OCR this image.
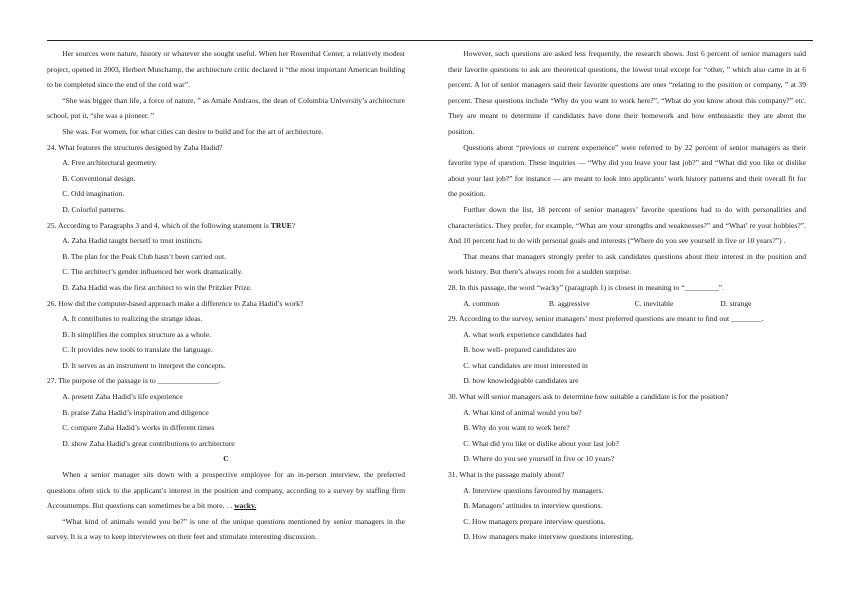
Her sources were nature, history or whatever she sought useful. When her Rosenthal Center, a relatively modest project, opened in 2003, Herbert Muschamp, the architecture critic declared it “the most important American building to be completed since the end of the cold war”.

“She was bigger than life, a force of nature, ” as Amale Andraos, the dean of Columbia University’s architecture school, put it, “she was a pioneer. ”

She was. For women, for what cities can desire to build and for the art of architecture.

24. What features the structures designed by Zaha Hadid?

A. Free architectural geometry.

B. Conventional design.

C. Odd imagination.

D. Colorful patterns.

25. According to Paragraphs 3 and 4, which of the following statement is TRUE?

A. Zaha Hadid taught herself to trust instincts.

B. The plan for the Peak Club hasn’t been carried out.

C. The architect’s gender influenced her work dramatically.

D. Zaha Hadid was the first architect to win the Pritzker Prize.

26. How did the computer-based approach make a difference to Zaha Hadid’s work?

A. It contributes to realizing the strange ideas.

B. It simplifies the complex structure as a whole.

C. It provides new tools to translate the language.

D. It serves as an instrument to interpret the concepts.

27. The purpose of the passage is to ________________.

A. present Zaha Hadid’s life experience

B. praise Zaha Hadid’s inspiration and diligence

C. compare Zaha Hadid’s works in different times

D. show Zaha Hadid’s great contributions to architecture

C

When a senior manager sits down with a prospective employee for an in-person interview, the preferred questions often stick to the applicant’s interest in the position and company, according to a survey by staffing firm Accountemps. But questions can sometimes be a bit more. . . wacky.

“What kind of animals would you be?” is one of the unique questions mentioned by senior managers in the survey. It is a way to keep interviewees on their feet and stimulate interesting discussion.

However, such questions are asked less frequently, the research shows. Just 6 percent of senior managers said their favorite questions to ask are theoretical questions, the lowest total except for “other, ” which also came in at 6 percent. A lot of senior managers said their favorite questions are ones “relating to the position or company, ” at 39 percent. These questions include “Why do you want to work here?”, “What do you know about this company?” etc. They are meant to determine if candidates have done their homework and how enthusiastic they are about the position.

Questions about “previous or current experience” were referred to by 22 percent of senior managers as their favorite type of question. These inquiries — “Why did you leave your last job?” and “What did you like or dislike about your last job?” for instance — are meant to look into applicants’ work history patterns and their overall fit for the position.

Further down the list, 18 percent of senior managers’ favorite questions had to do with personalities and characteristics. They prefer, for example, “What are your strengths and weaknesses?” and “What’ re your hobbies?”. And 10 percent had to do with personal goals and interests (“Where do you see yourself in five or 10 years?”) .

That means that managers strongly prefer to ask candidates questions about their interest in the position and work history. But there’s always room for a sudden surprise.

28. In this passage, the word “wacky” (paragraph 1) is closest in meaning to “_________”.

A. common	B. aggressive	C. inevitable	D. strange

29. According to the survey, senior managers’ most preferred questions are meant to find out ________.

A. what work experience candidates had

B. how well- prepared candidates are

C. what candidates are most interested in

D. how knowledgeable candidates are

30. What will senior managers ask to determine how suitable a candidate is for the position?

A. What kind of animal would you be?

B. Why do you want to work here?

C. What did you like or dislike about your last job?

D. Where do you see yourself in five or 10 years?

31. What is the passage mainly about?

A. Interview questions favoured by managers.

B. Managers’ attitudes to interview questions.

C. How managers prepare interview questions.

D. How managers make interview questions interesting.
